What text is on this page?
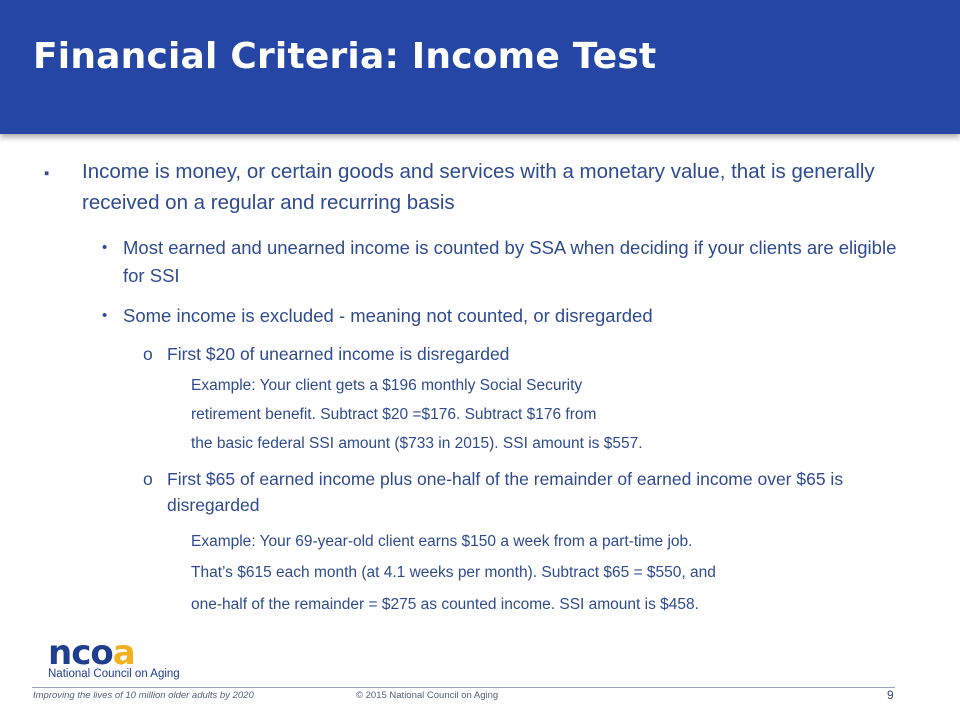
Financial Criteria: Income Test
▪ Income is money, or certain goods and services with a monetary value, that is generally received on a regular and recurring basis
• Most earned and unearned income is counted by SSA when deciding if your clients are eligible for SSI
• Some income is excluded - meaning not counted, or disregarded
o First $20 of unearned income is disregarded
Example: Your client gets a $196 monthly Social Security
retirement benefit. Subtract $20 =$176. Subtract $176 from
the basic federal SSI amount ($733 in 2015). SSI amount is $557.
o First $65 of earned income plus one-half of the remainder of earned income over $65 is disregarded
Example: Your 69-year-old client earns $150 a week from a part-time job.
That’s $615 each month (at 4.1 weeks per month). Subtract $65 = $550, and
one-half of the remainder = $275 as counted income. SSI amount is $458.
ncoa
National Council on Aging
Improving the lives of 10 million older adults by 2020	© 2015 National Council on Aging	9
